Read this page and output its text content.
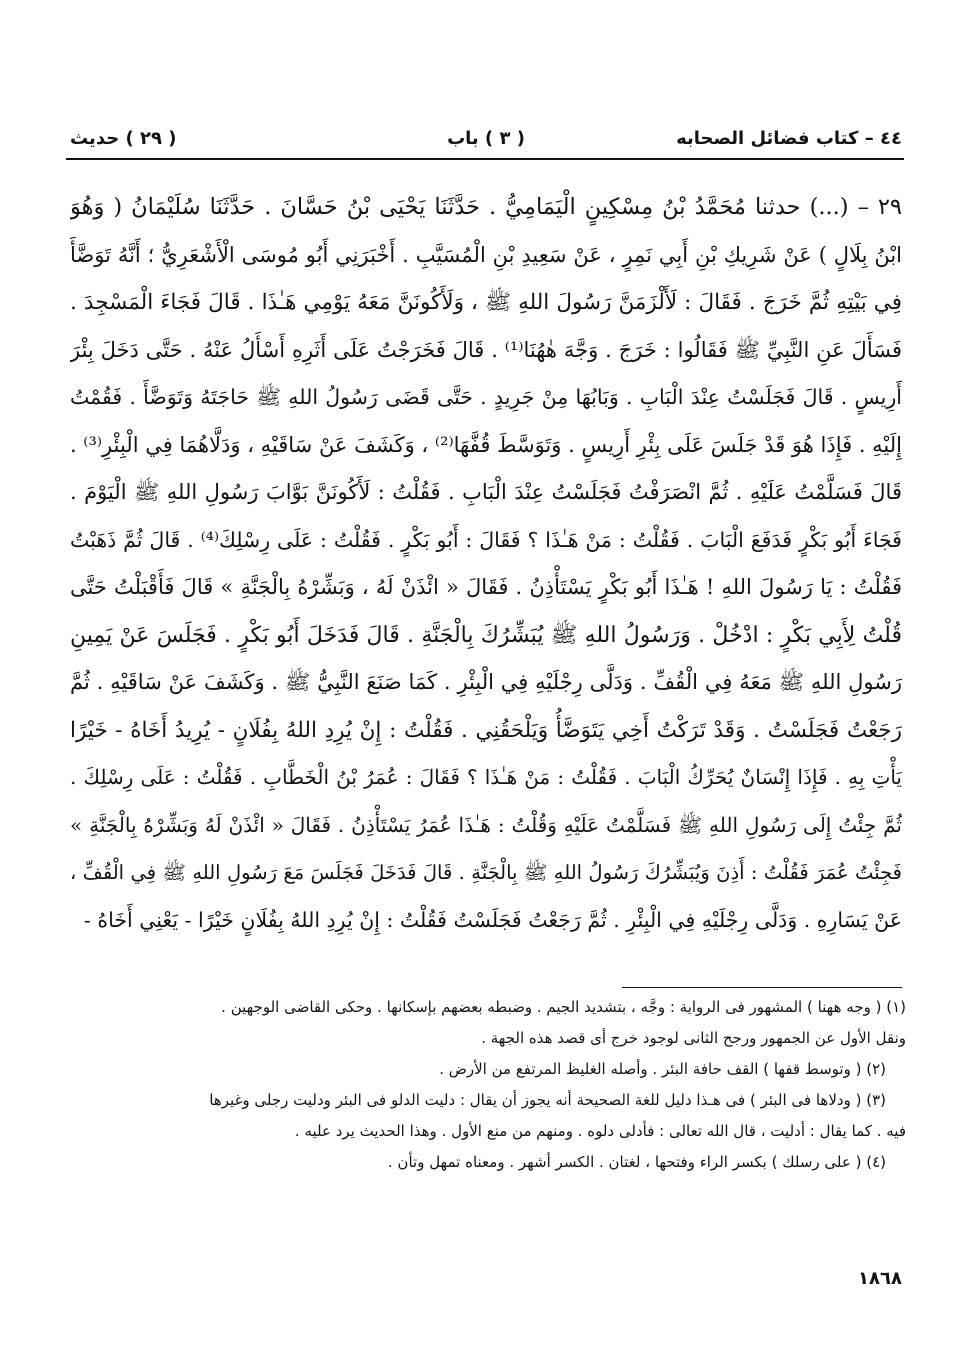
٤٤ – كتاب فضائل الصحابه
( ٣ ) باب
( ٢٩ ) حديث
٢٩ – (...) حدثنا مُحَمَّدُ بْنُ مِسْكِينٍ الْيَمَامِيُّ . حَدَّثَنَا يَحْيَى بْنُ حَسَّانَ . حَدَّثَنَا سُلَيْمَانُ ( وَهُوَ
ابْنُ بِلَالٍ ) عَنْ شَرِيكِ بْنِ أَبِي نَمِرٍ ، عَنْ سَعِيدِ بْنِ الْمُسَيَّبِ . أَخْبَرَنِي أَبُو مُوسَى الْأَشْعَرِيُّ ؛ أَنَّهُ تَوَضَّأَ
فِي بَيْتِهِ ثُمَّ خَرَجَ . فَقَالَ : لَأَلْزَمَنَّ رَسُولَ اللهِ ﷺ ، وَلَأَكُونَنَّ مَعَهُ يَوْمِي هَـٰذَا . قَالَ فَجَاءَ الْمَسْجِدَ .
فَسَأَلَ عَنِ النَّبِيِّ ﷺ فَقَالُوا : خَرَجَ . وَجَّهَ هٰهُنَا⁽¹⁾ . قَالَ فَخَرَجْتُ عَلَى أَثَرِهِ أَسْأَلُ عَنْهُ . حَتَّى دَخَلَ بِئْرَ
أَرِيسٍ . قَالَ فَجَلَسْتُ عِنْدَ الْبَابِ . وَبَابُهَا مِنْ جَرِيدٍ . حَتَّى قَضَى رَسُولُ اللهِ ﷺ حَاجَتَهُ وَتَوَضَّأَ . فَقُمْتُ
إِلَيْهِ . فَإِذَا هُوَ قَدْ جَلَسَ عَلَى بِئْرِ أَرِيسٍ . وَتَوَسَّطَ قُفَّهَا⁽²⁾ ، وَكَشَفَ عَنْ سَاقَيْهِ ، وَدَلَّاهُمَا فِي الْبِئْرِ⁽³⁾ .
قَالَ فَسَلَّمْتُ عَلَيْهِ . ثُمَّ انْصَرَفْتُ فَجَلَسْتُ عِنْدَ الْبَابِ . فَقُلْتُ : لَأَكُونَنَّ بَوَّابَ رَسُولِ اللهِ ﷺ الْيَوْمَ .
فَجَاءَ أَبُو بَكْرٍ فَدَفَعَ الْبَابَ . فَقُلْتُ : مَنْ هَـٰذَا ؟ فَقَالَ : أَبُو بَكْرٍ . فَقُلْتُ : عَلَى رِسْلِكَ⁽⁴⁾ . قَالَ ثُمَّ ذَهَبْتُ
فَقُلْتُ : يَا رَسُولَ اللهِ ! هَـٰذَا أَبُو بَكْرٍ يَسْتَأْذِنُ . فَقَالَ « ائْذَنْ لَهُ ، وَبَشِّرْهُ بِالْجَنَّةِ » قَالَ فَأَقْبَلْتُ حَتَّى
قُلْتُ لِأَبِي بَكْرٍ : ادْخُلْ . وَرَسُولُ اللهِ ﷺ يُبَشِّرُكَ بِالْجَنَّةِ . قَالَ فَدَخَلَ أَبُو بَكْرٍ . فَجَلَسَ عَنْ يَمِينِ
رَسُولِ اللهِ ﷺ مَعَهُ فِي الْقُفِّ . وَدَلَّى رِجْلَيْهِ فِي الْبِئْرِ . كَمَا صَنَعَ النَّبِيُّ ﷺ . وَكَشَفَ عَنْ سَاقَيْهِ . ثُمَّ
رَجَعْتُ فَجَلَسْتُ . وَقَدْ تَرَكْتُ أَخِي يَتَوَضَّأُ وَيَلْحَقُنِي . فَقُلْتُ : إِنْ يُرِدِ اللهُ بِفُلَانٍ - يُرِيدُ أَخَاهُ - خَيْرًا
يَأْتِ بِهِ . فَإِذَا إِنْسَانٌ يُحَرِّكُ الْبَابَ . فَقُلْتُ : مَنْ هَـٰذَا ؟ فَقَالَ : عُمَرُ بْنُ الْخَطَّابِ . فَقُلْتُ : عَلَى رِسْلِكَ .
ثُمَّ جِئْتُ إِلَى رَسُولِ اللهِ ﷺ فَسَلَّمْتُ عَلَيْهِ وَقُلْتُ : هَـٰذَا عُمَرُ يَسْتَأْذِنُ . فَقَالَ « ائْذَنْ لَهُ وَبَشِّرْهُ بِالْجَنَّةِ »
فَجِئْتُ عُمَرَ فَقُلْتُ : أَذِنَ وَيُبَشِّرُكَ رَسُولُ اللهِ ﷺ بِالْجَنَّةِ . قَالَ فَدَخَلَ فَجَلَسَ مَعَ رَسُولِ اللهِ ﷺ فِي الْقُفِّ ،
عَنْ يَسَارِهِ . وَدَلَّى رِجْلَيْهِ فِي الْبِئْرِ . ثُمَّ رَجَعْتُ فَجَلَسْتُ فَقُلْتُ : إِنْ يُرِدِ اللهُ بِفُلَانٍ خَيْرًا - يَعْنِي أَخَاهُ -
(١) ( وجه ههنا ) المشهور فى الرواية : وجَّه ، بتشديد الجيم . وضبطه بعضهم بإسكانها . وحكى القاضى الوجهين .
ونقل الأول عن الجمهور ورجح الثانى لوجود خرج أى قصد هذه الجهة .
(٢) ( وتوسط قفها ) القف حافة البئر . وأصله الغليظ المرتفع من الأرض .
(٣) ( ودلاها فى البئر ) فى هـذا دليل للغة الصحيحة أنه يجوز أن يقال : دليت الدلو فى البئر ودليت رجلى وغيرها
فيه . كما يقال : أدليت ، قال الله تعالى : فأدلى دلوه . ومنهم من منع الأول . وهذا الحديث يرد عليه .
(٤) ( على رسلك ) بكسر الراء وفتحها ، لغتان . الكسر أشهر . ومعناه تمهل وتأن .
١٨٦٨
